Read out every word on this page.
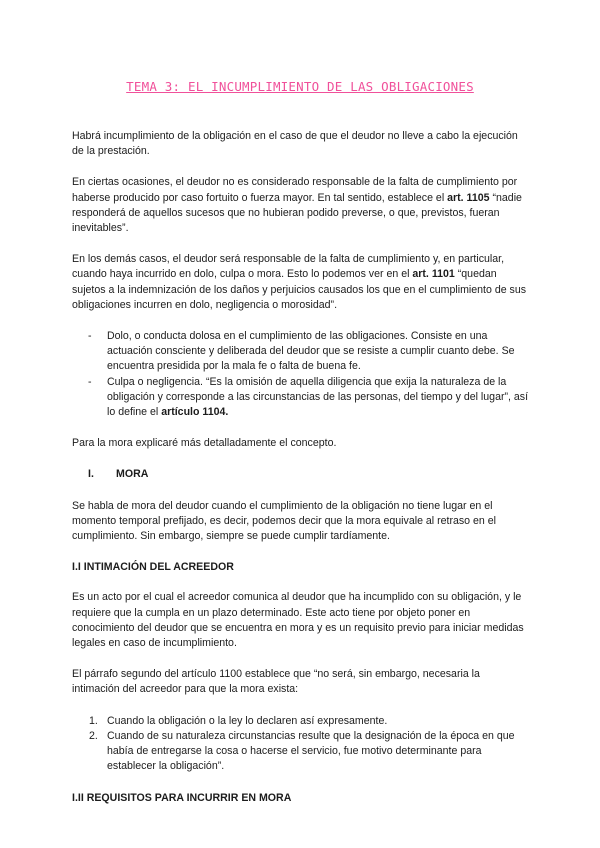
TEMA 3: EL INCUMPLIMIENTO DE LAS OBLIGACIONES

Habrá incumplimiento de la obligación en el caso de que el deudor no lleve a cabo la ejecución de la prestación.

En ciertas ocasiones, el deudor no es considerado responsable de la falta de cumplimiento por haberse producido por caso fortuito o fuerza mayor. En tal sentido, establece el art. 1105 “nadie responderá de aquellos sucesos que no hubieran podido preverse, o que, previstos, fueran inevitables”.

En los demás casos, el deudor será responsable de la falta de cumplimiento y, en particular, cuando haya incurrido en dolo, culpa o mora. Esto lo podemos ver en el art. 1101 “quedan sujetos a la indemnización de los daños y perjuicios causados los que en el cumplimiento de sus obligaciones incurren en dolo, negligencia o morosidad”.

- Dolo, o conducta dolosa en el cumplimiento de las obligaciones. Consiste en una actuación consciente y deliberada del deudor que se resiste a cumplir cuanto debe. Se encuentra presidida por la mala fe o falta de buena fe.
- Culpa o negligencia. “Es la omisión de aquella diligencia que exija la naturaleza de la obligación y corresponde a las circunstancias de las personas, del tiempo y del lugar”, así lo define el artículo 1104.

Para la mora explicaré más detalladamente el concepto.

I. MORA

Se habla de mora del deudor cuando el cumplimiento de la obligación no tiene lugar en el momento temporal prefijado, es decir, podemos decir que la mora equivale al retraso en el cumplimiento. Sin embargo, siempre se puede cumplir tardíamente.

I.I INTIMACIÓN DEL ACREEDOR

Es un acto por el cual el acreedor comunica al deudor que ha incumplido con su obligación, y le requiere que la cumpla en un plazo determinado. Este acto tiene por objeto poner en conocimiento del deudor que se encuentra en mora y es un requisito previo para iniciar medidas legales en caso de incumplimiento.

El párrafo segundo del artículo 1100 establece que “no será, sin embargo, necesaria la intimación del acreedor para que la mora exista:

1. Cuando la obligación o la ley lo declaren así expresamente.
2. Cuando de su naturaleza circunstancias resulte que la designación de la época en que había de entregarse la cosa o hacerse el servicio, fue motivo determinante para establecer la obligación”.
I.II REQUISITOS PARA INCURRIR EN MORA
